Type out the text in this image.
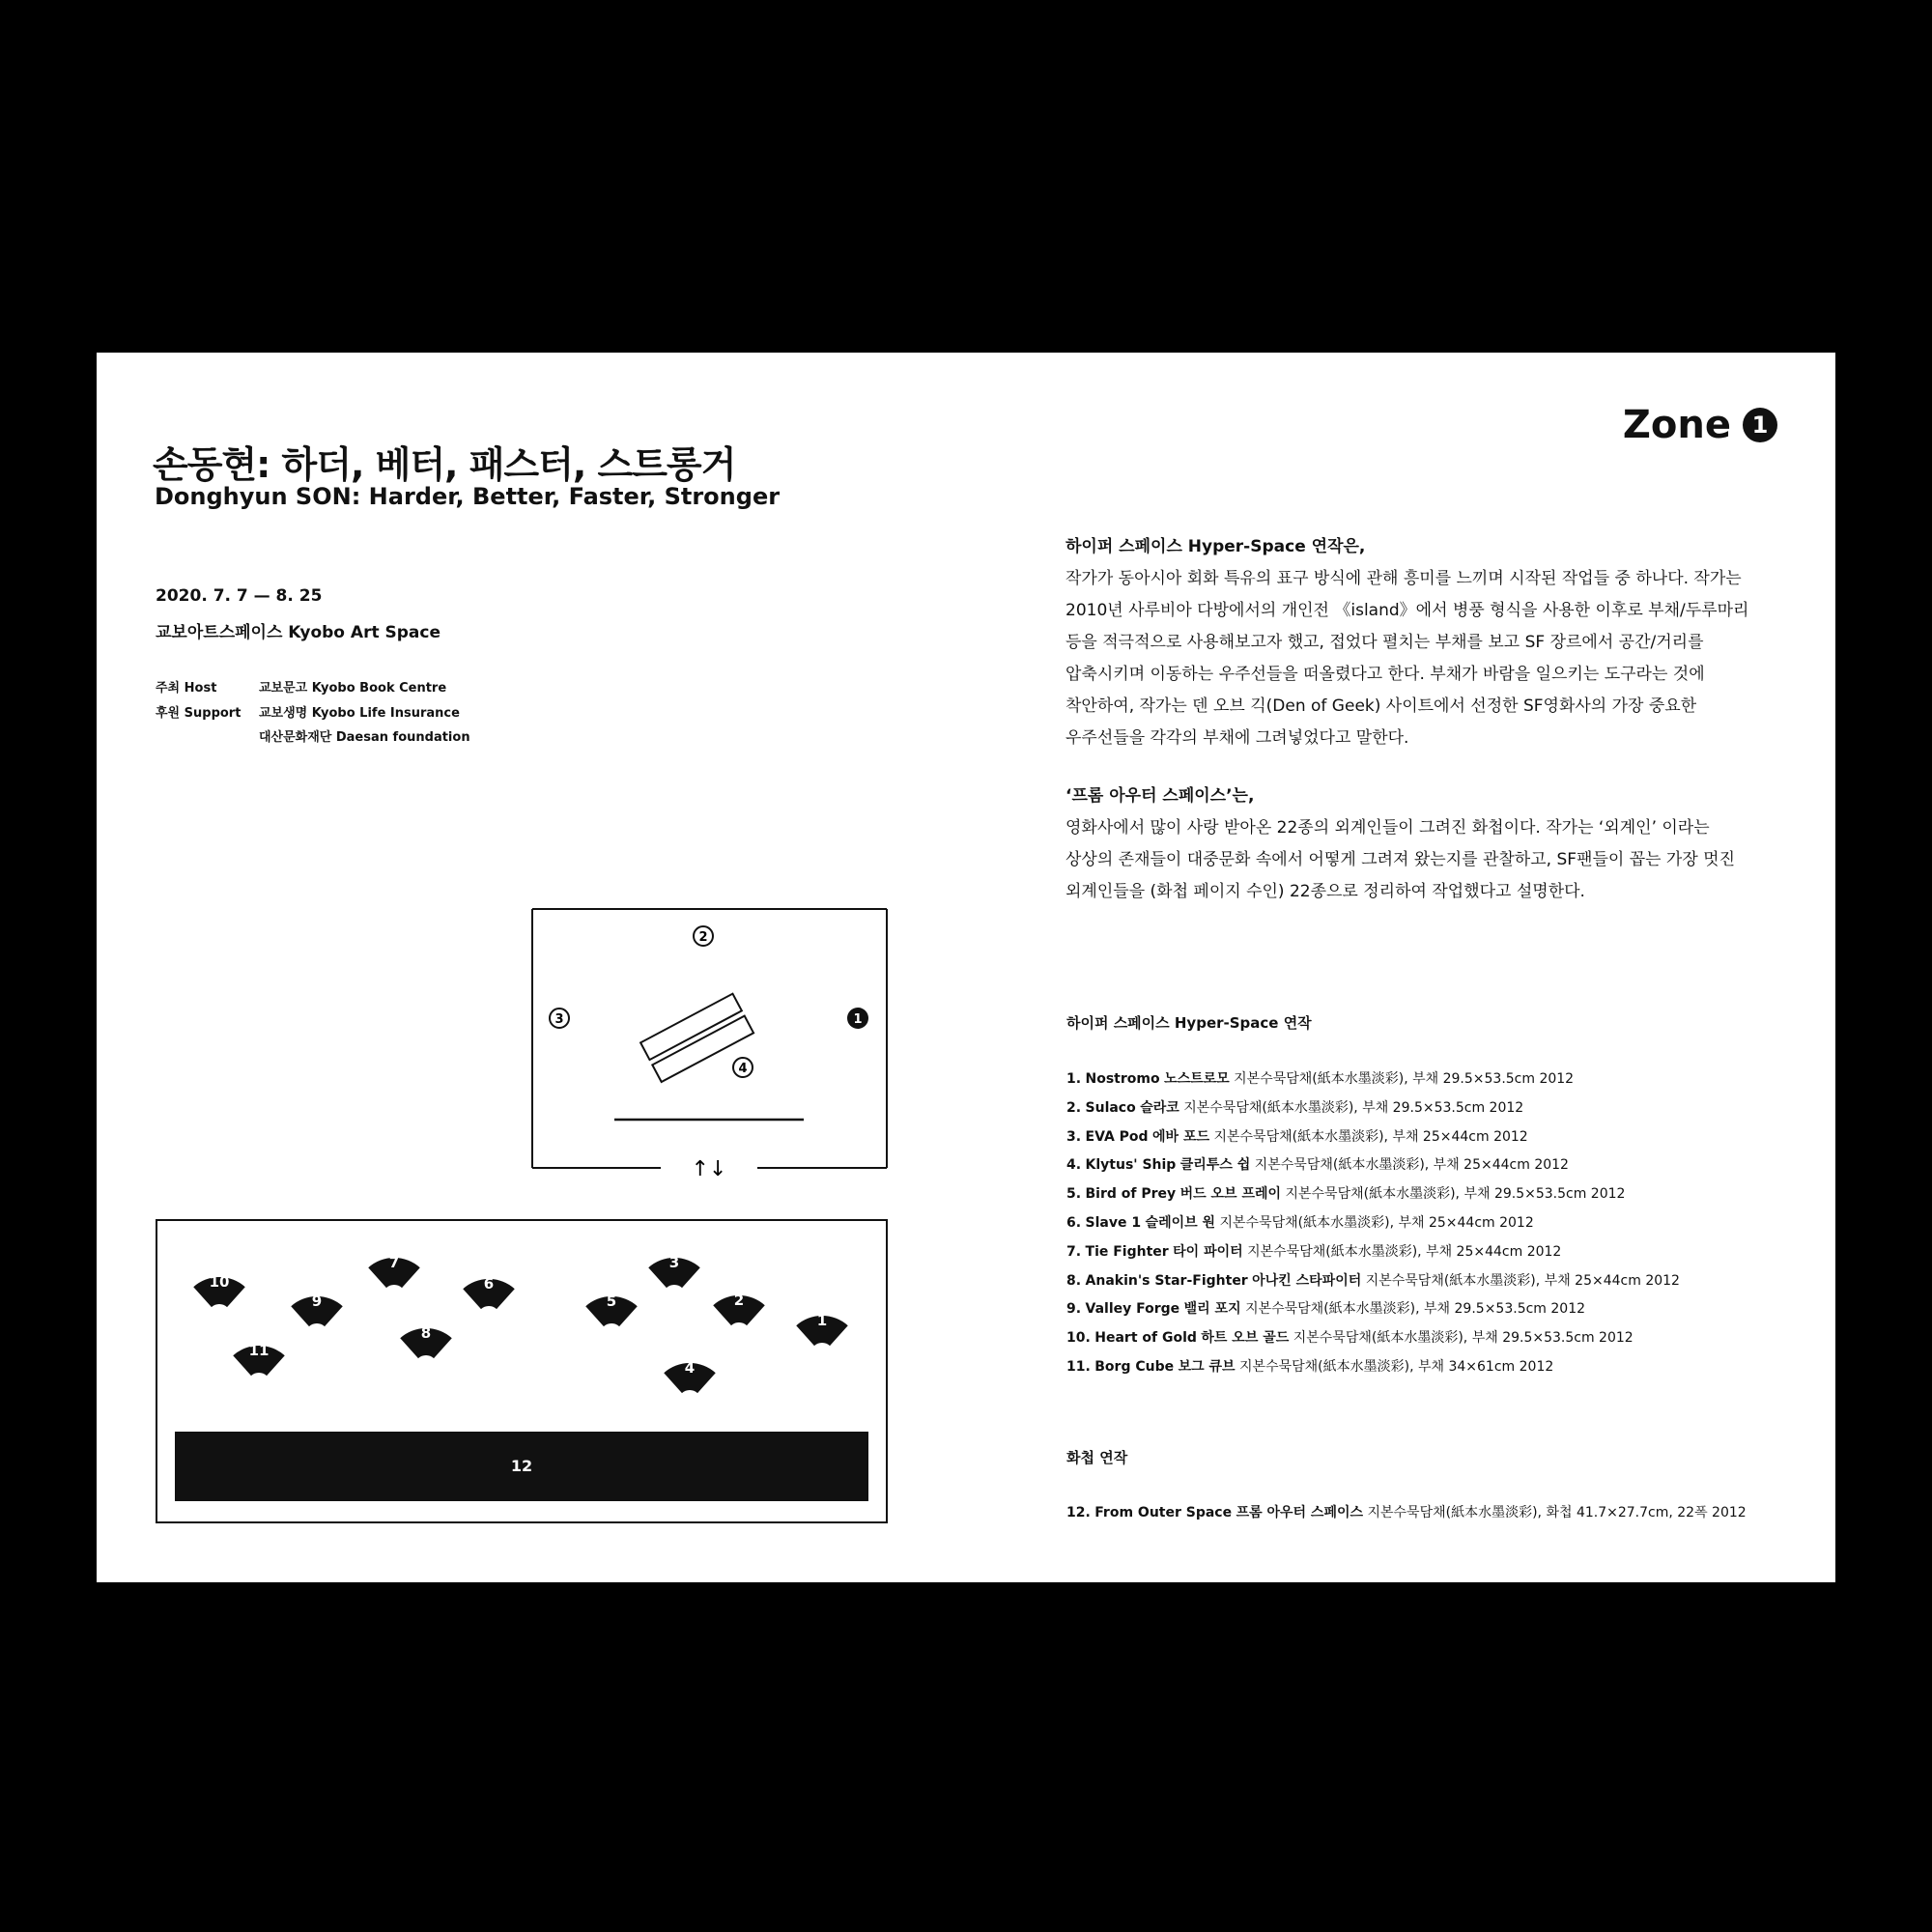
손동현: 하더, 베터, 패스터, 스트롱거
Donghyun SON: Harder, Better, Faster, Stronger
2020. 7. 7 — 8. 25
교보아트스페이스 Kyobo Art Space
주최 Host	교보문고 Kyobo Book Centre
후원 Support 교보생명 Kyobo Life Insurance
대산문화재단 Daesan foundation
Zone 1

하이퍼 스페이스 Hyper-Space 연작은,

작가가 동아시아 회화 특유의 표구 방식에 관해 흥미를 느끼며 시작된 작업들 중 하나다. 작가는

2010년 사루비아 다방에서의 개인전 《island》에서 병풍 형식을 사용한 이후로 부채/두루마리

등을 적극적으로 사용해보고자 했고, 접었다 펼치는 부채를 보고 SF 장르에서 공간/거리를

압축시키며 이동하는 우주선들을 떠올렸다고 한다. 부채가 바람을 일으키는 도구라는 것에

착안하여, 작가는 덴 오브 긱(Den of Geek) 사이트에서 선정한 SF영화사의 가장 중요한

우주선들을 각각의 부채에 그려넣었다고 말한다.

‘프롬 아우터 스페이스’는,

영화사에서 많이 사랑 받아온 22종의 외계인들이 그려진 화첩이다. 작가는 ‘외계인’ 이라는

상상의 존재들이 대중문화 속에서 어떻게 그려져 왔는지를 관찰하고, SF팬들이 꼽는 가장 멋진

외계인들을 (화첩 페이지 수인) 22종으로 정리하여 작업했다고 설명한다.

하이퍼 스페이스 Hyper-Space 연작
1. Nostromo 노스트로모 지본수묵담채(紙本水墨淡彩), 부채 29.5×53.5cm 2012
2. Sulaco 슬라코 지본수묵담채(紙本水墨淡彩), 부채 29.5×53.5cm 2012
3. EVA Pod 에바 포드 지본수묵담채(紙本水墨淡彩), 부채 25×44cm 2012
4. Klytus' Ship 클리투스 쉽 지본수묵담채(紙本水墨淡彩), 부채 25×44cm 2012
5. Bird of Prey 버드 오브 프레이 지본수묵담채(紙本水墨淡彩), 부채 29.5×53.5cm 2012
6. Slave 1 슬레이브 원 지본수묵담채(紙本水墨淡彩), 부채 25×44cm 2012
7. Tie Fighter 타이 파이터 지본수묵담채(紙本水墨淡彩), 부채 25×44cm 2012
8. Anakin's Star-Fighter 아나킨 스타파이터 지본수묵담채(紙本水墨淡彩), 부채 25×44cm 2012
9. Valley Forge 밸리 포지 지본수묵담채(紙本水墨淡彩), 부채 29.5×53.5cm 2012
10. Heart of Gold 하트 오브 골드 지본수묵담채(紙本水墨淡彩), 부채 29.5×53.5cm 2012
11. Borg Cube 보그 큐브 지본수묵담채(紙本水墨淡彩), 부채 34×61cm 2012
화첩 연작
12. From Outer Space 프롬 아우터 스페이스 지본수묵담채(紙本水墨淡彩), 화첩 41.7×27.7cm, 22폭 2012
2
3	1
4
↑↓
12
1
2
3
4
5
6
7
8
9
10
11
